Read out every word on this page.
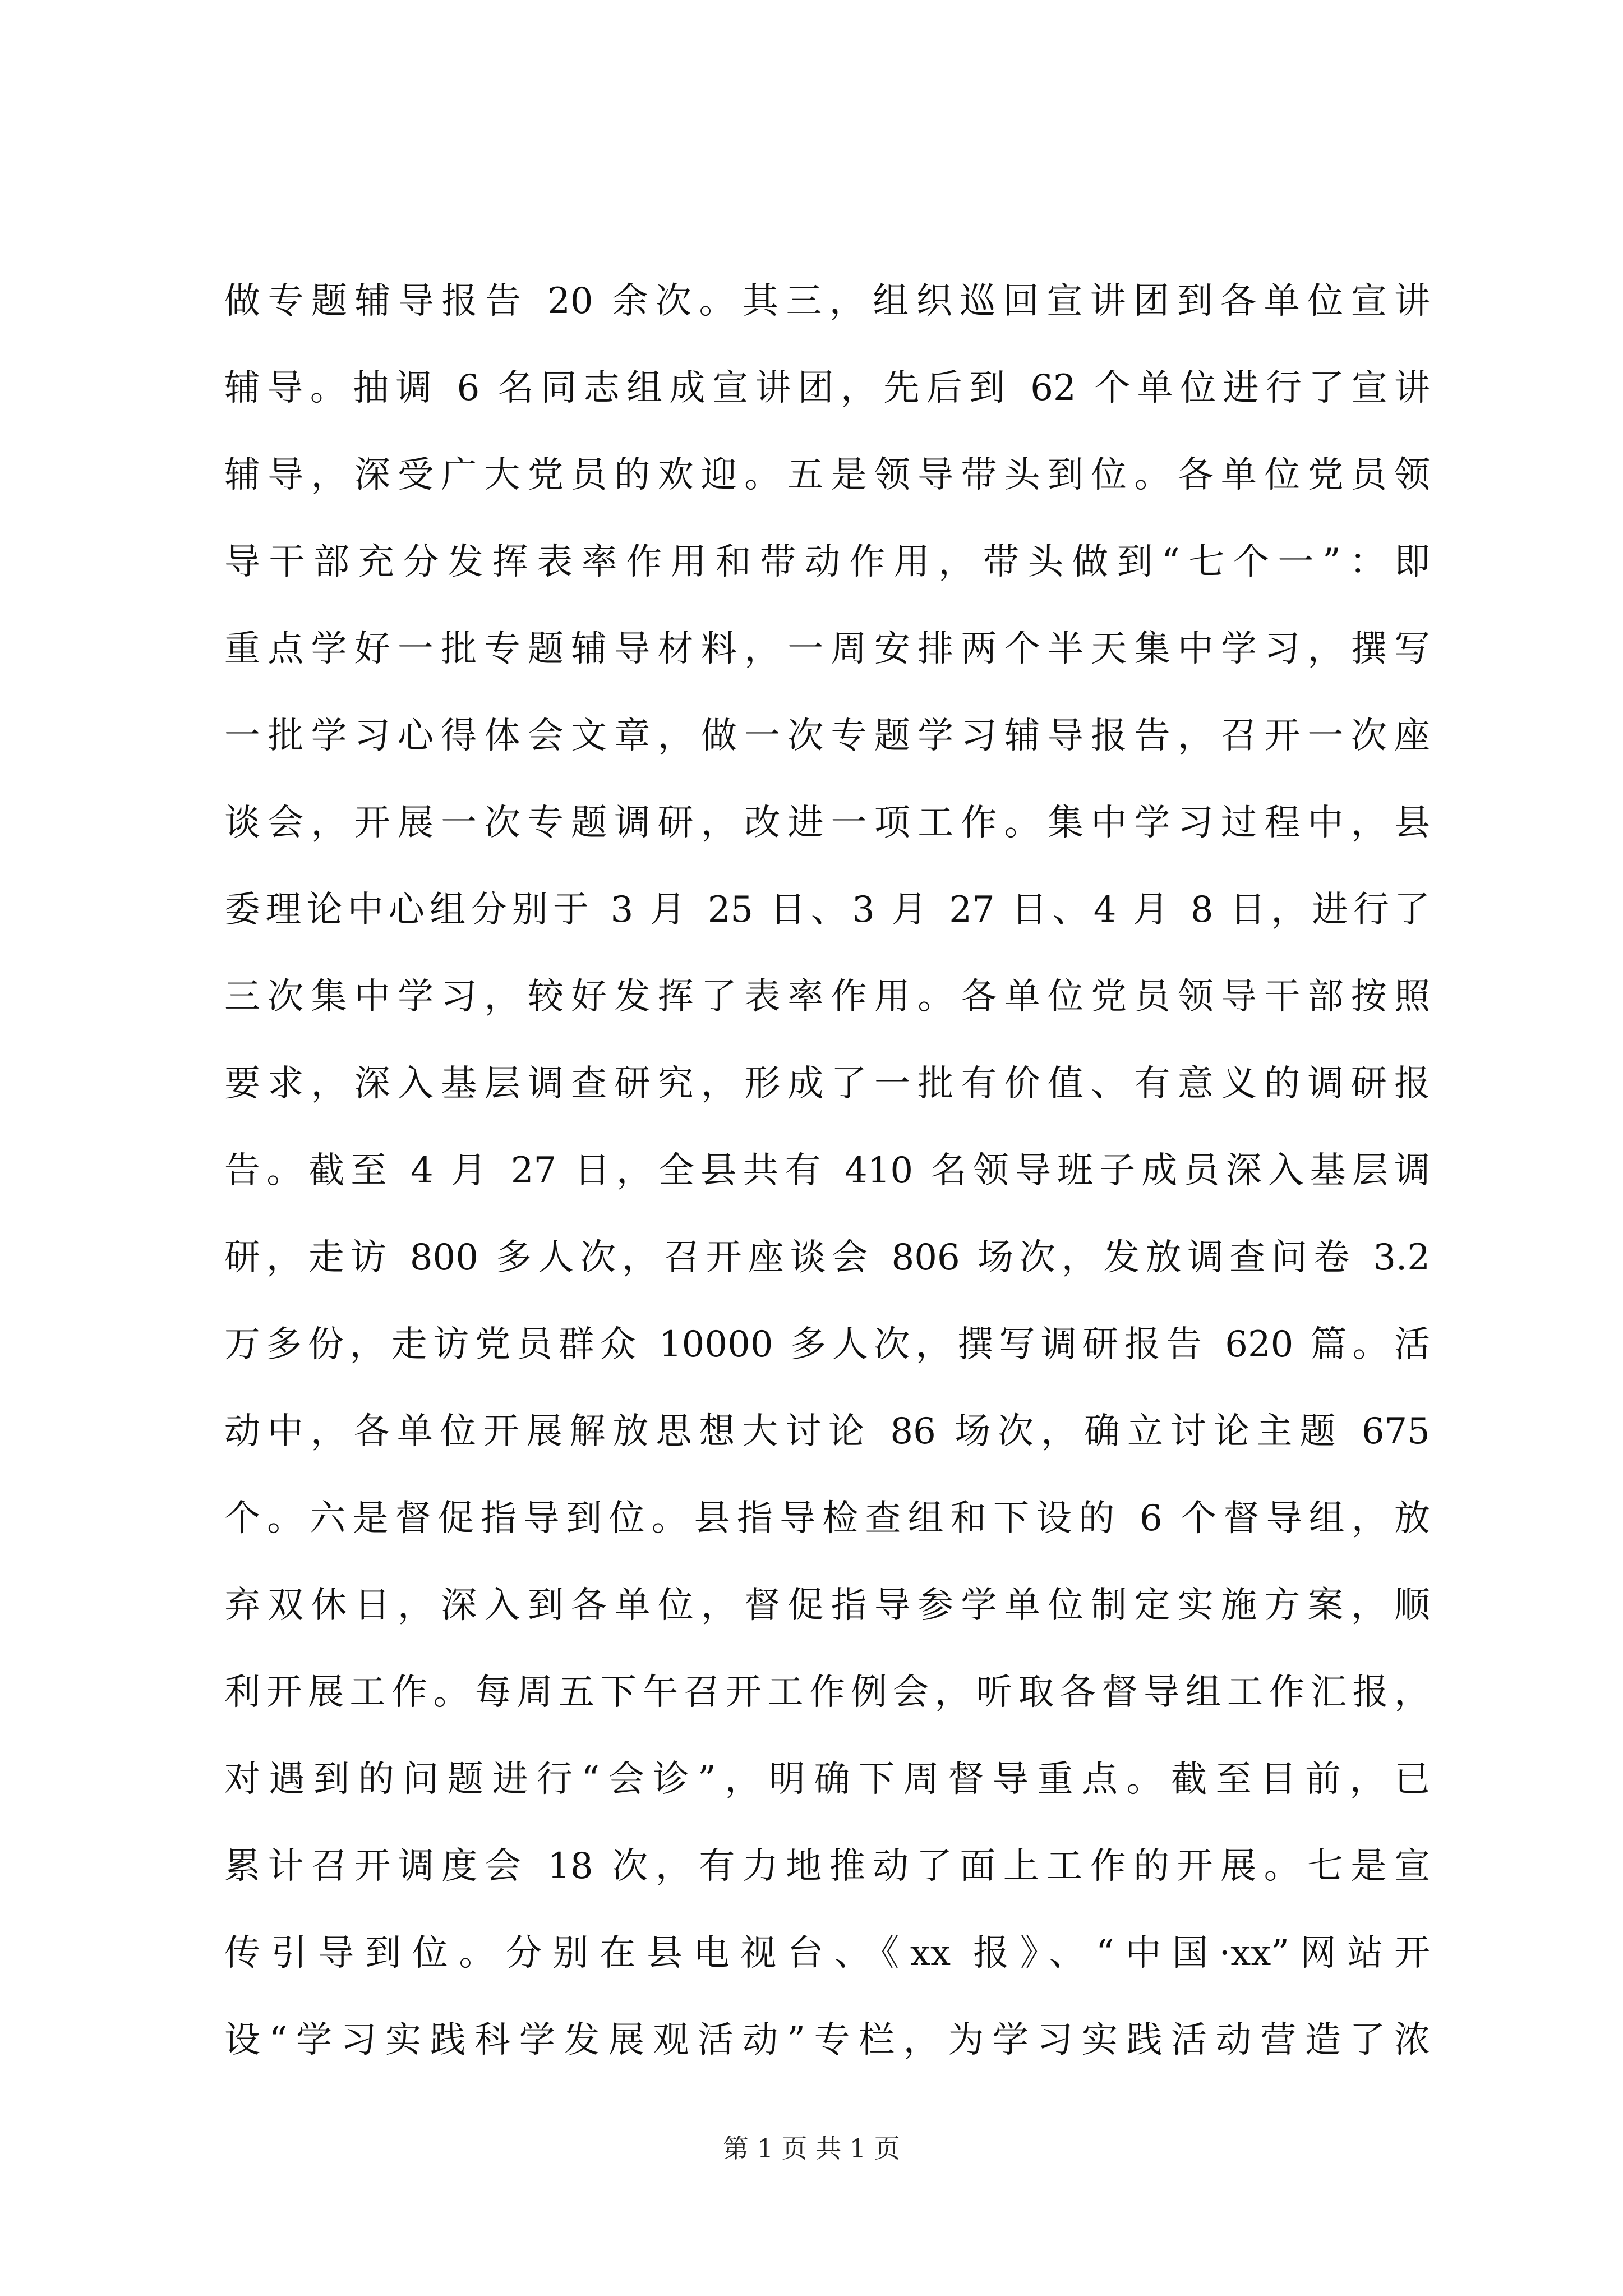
做专题辅导报告 20 余次。其三，组织巡回宣讲团到各单位宣讲
辅导。抽调 6 名同志组成宣讲团，先后到 62 个单位进行了宣讲
辅导，深受广大党员的欢迎。五是领导带头到位。各单位党员领
导干部充分发挥表率作用和带动作用，带头做到“七个一”：即
重点学好一批专题辅导材料，一周安排两个半天集中学习，撰写
一批学习心得体会文章，做一次专题学习辅导报告，召开一次座
谈会，开展一次专题调研，改进一项工作。集中学习过程中，县
委理论中心组分别于 3 月 25 日、3 月 27 日、4 月 8 日，进行了
三次集中学习，较好发挥了表率作用。各单位党员领导干部按照
要求，深入基层调查研究，形成了一批有价值、有意义的调研报
告。截至 4 月 27 日，全县共有 410 名领导班子成员深入基层调
研，走访 800 多人次，召开座谈会 806 场次，发放调查问卷 3.2
万多份，走访党员群众 10000 多人次，撰写调研报告 620 篇。活
动中，各单位开展解放思想大讨论 86 场次，确立讨论主题 675
个。六是督促指导到位。县指导检查组和下设的 6 个督导组，放
弃双休日，深入到各单位，督促指导参学单位制定实施方案，顺
利开展工作。每周五下午召开工作例会，听取各督导组工作汇报，
对遇到的问题进行“会诊”，明确下周督导重点。截至目前，已
累计召开调度会 18 次，有力地推动了面上工作的开展。七是宣
传引导到位。分别在县电视台、《xx 报》、“中国·xx”网站开
设“学习实践科学发展观活动”专栏，为学习实践活动营造了浓
第 1 页 共 1 页
